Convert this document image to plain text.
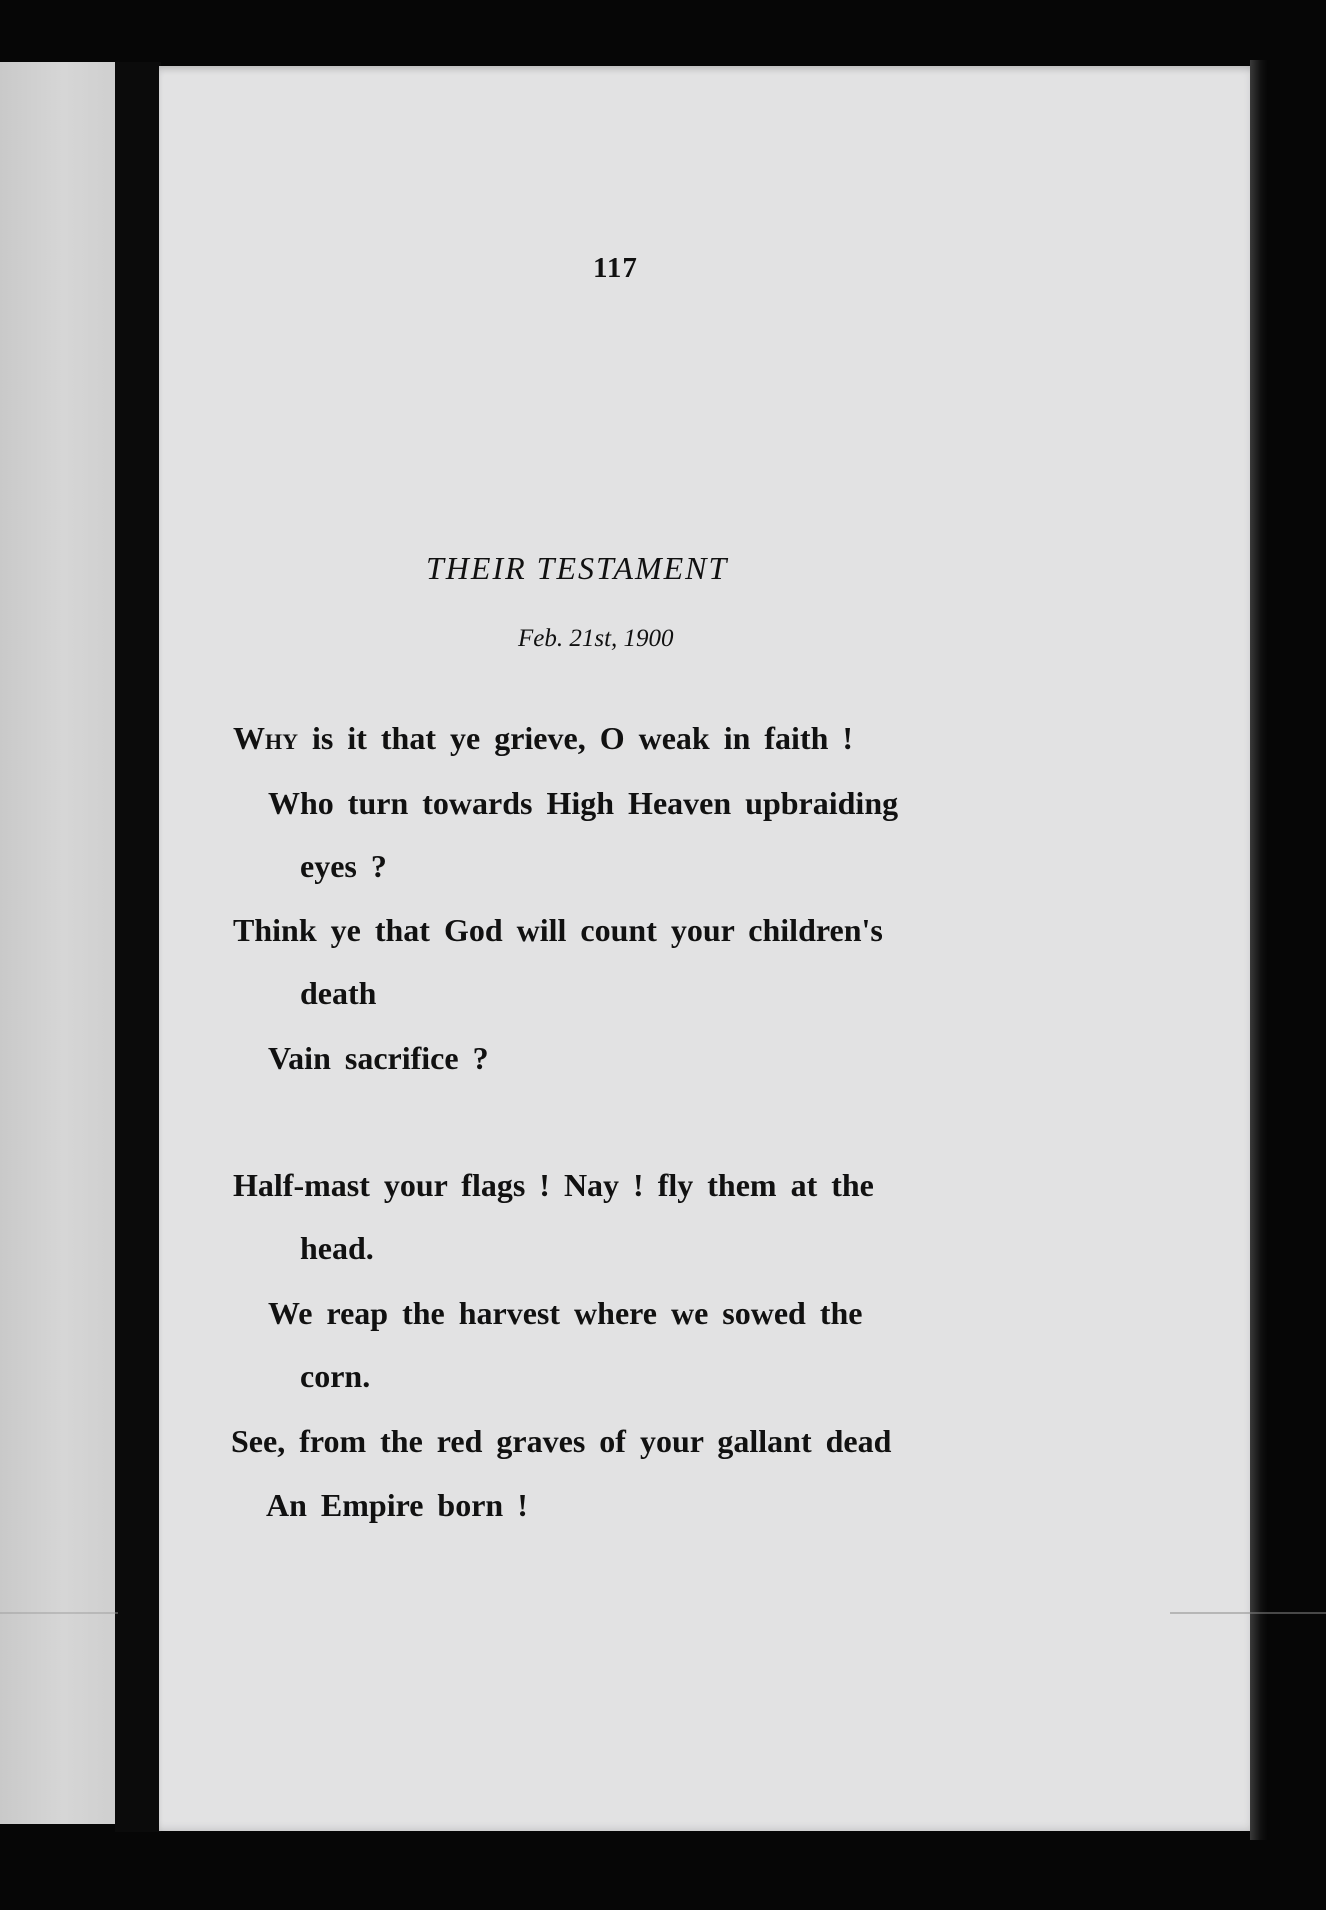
117
THEIR TESTAMENT
Feb. 21st, 1900
Why is it that ye grieve, O weak in faith !
Who turn towards High Heaven upbraiding
eyes ?
Think ye that God will count your children's
death
Vain sacrifice ?
Half-mast your flags ! Nay ! fly them at the
head.
We reap the harvest where we sowed the
corn.
See, from the red graves of your gallant dead
An Empire born !
